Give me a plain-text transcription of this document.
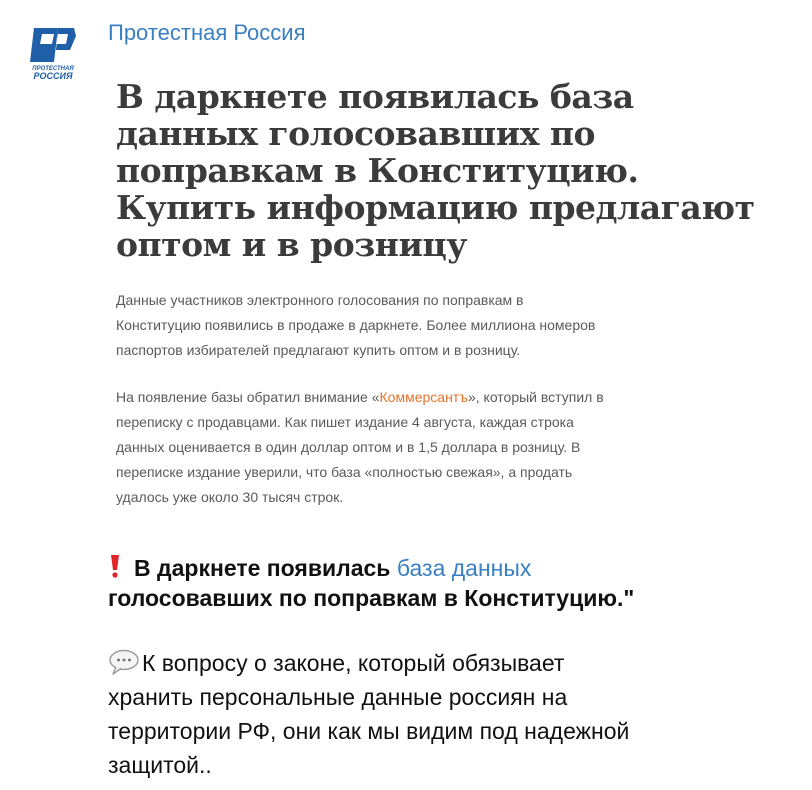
ПРОТЕСТНАЯ
РОССИЯ
Протестная Россия
В даркнете появилась база
данных голосовавших по
поправкам в Конституцию.
Купить информацию предлагают
оптом и в розницу

Данные участников электронного голосования по поправкам в
Конституцию появились в продаже в даркнете. Более миллиона номеров
паспортов избирателей предлагают купить оптом и в розницу.

На появление базы обратил внимание «Коммерсантъ», который вступил в
переписку с продавцами. Как пишет издание 4 августа, каждая строка
данных оценивается в один доллар оптом и в 1,5 доллара в розницу. В
переписке издание уверили, что база «полностью свежая», а продать
удалось уже около 30 тысяч строк.

В даркнете появилась база данных
голосовавших по поправкам в Конституцию."

К вопросу о законе, который обязывает
хранить персональные данные россиян на
территории РФ, они как мы видим под надежной
защитой..
